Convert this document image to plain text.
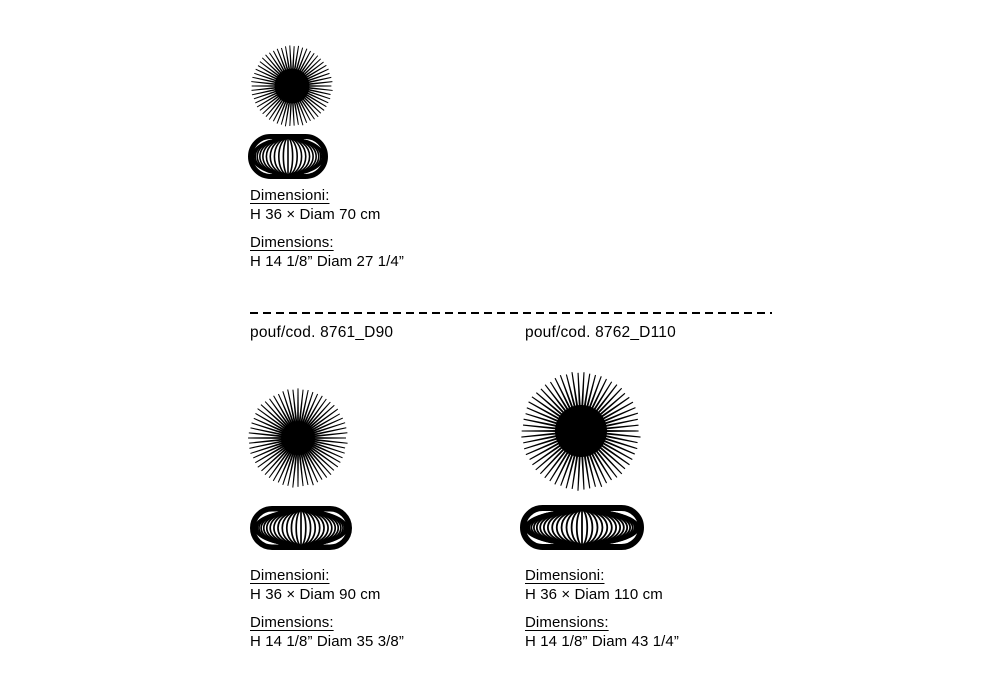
Dimensioni:

H 36 × Diam 70 cm

Dimensions:

H 14 1/8” Diam 27 1/4”

pouf/cod. 8761_D90	pouf/cod. 8762_D110

Dimensioni:

H 36 × Diam 90 cm

Dimensions:

H 14 1/8” Diam 35 3/8”

Dimensioni:

H 36 × Diam 110 cm

Dimensions:

H 14 1/8” Diam 43 1/4”
